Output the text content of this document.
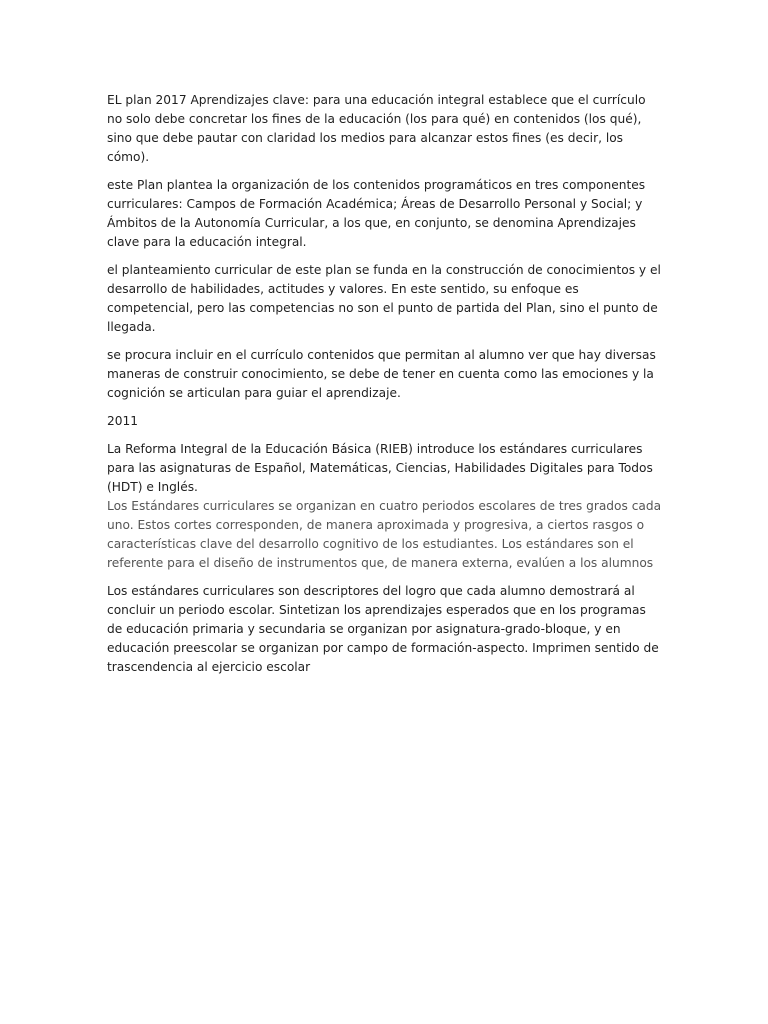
EL plan 2017 Aprendizajes clave: para una educación integral establece que el currículo no solo debe concretar los fines de la educación (los para qué) en contenidos (los qué), sino que debe pautar con claridad los medios para alcanzar estos fines (es decir, los cómo).

este Plan plantea la organización de los contenidos programáticos en tres componentes curriculares: Campos de Formación Académica; Áreas de Desarrollo Personal y Social; y Ámbitos de la Autonomía Curricular, a los que, en conjunto, se denomina Aprendizajes clave para la educación integral.

el planteamiento curricular de este plan se funda en la construcción de conocimientos y el desarrollo de habilidades, actitudes y valores. En este sentido, su enfoque es competencial, pero las competencias no son el punto de partida del Plan, sino el punto de llegada.

se procura incluir en el currículo contenidos que permitan al alumno ver que hay diversas maneras de construir conocimiento, se debe de tener en cuenta como las emociones y la cognición se articulan para guiar el aprendizaje.

2011

La Reforma Integral de la Educación Básica (RIEB) introduce los estándares curriculares para las asignaturas de Español, Matemáticas, Ciencias, Habilidades Digitales para Todos (HDT) e Inglés.

Los Estándares curriculares se organizan en cuatro periodos escolares de tres grados cada uno. Estos cortes corresponden, de manera aproximada y progresiva, a ciertos rasgos o características clave del desarrollo cognitivo de los estudiantes. Los estándares son el referente para el diseño de instrumentos que, de manera externa, evalúen a los alumnos

Los estándares curriculares son descriptores del logro que cada alumno demostrará al concluir un periodo escolar. Sintetizan los aprendizajes esperados que en los programas de educación primaria y secundaria se organizan por asignatura-grado-bloque, y en educación preescolar se organizan por campo de formación-aspecto. Imprimen sentido de trascendencia al ejercicio escolar
